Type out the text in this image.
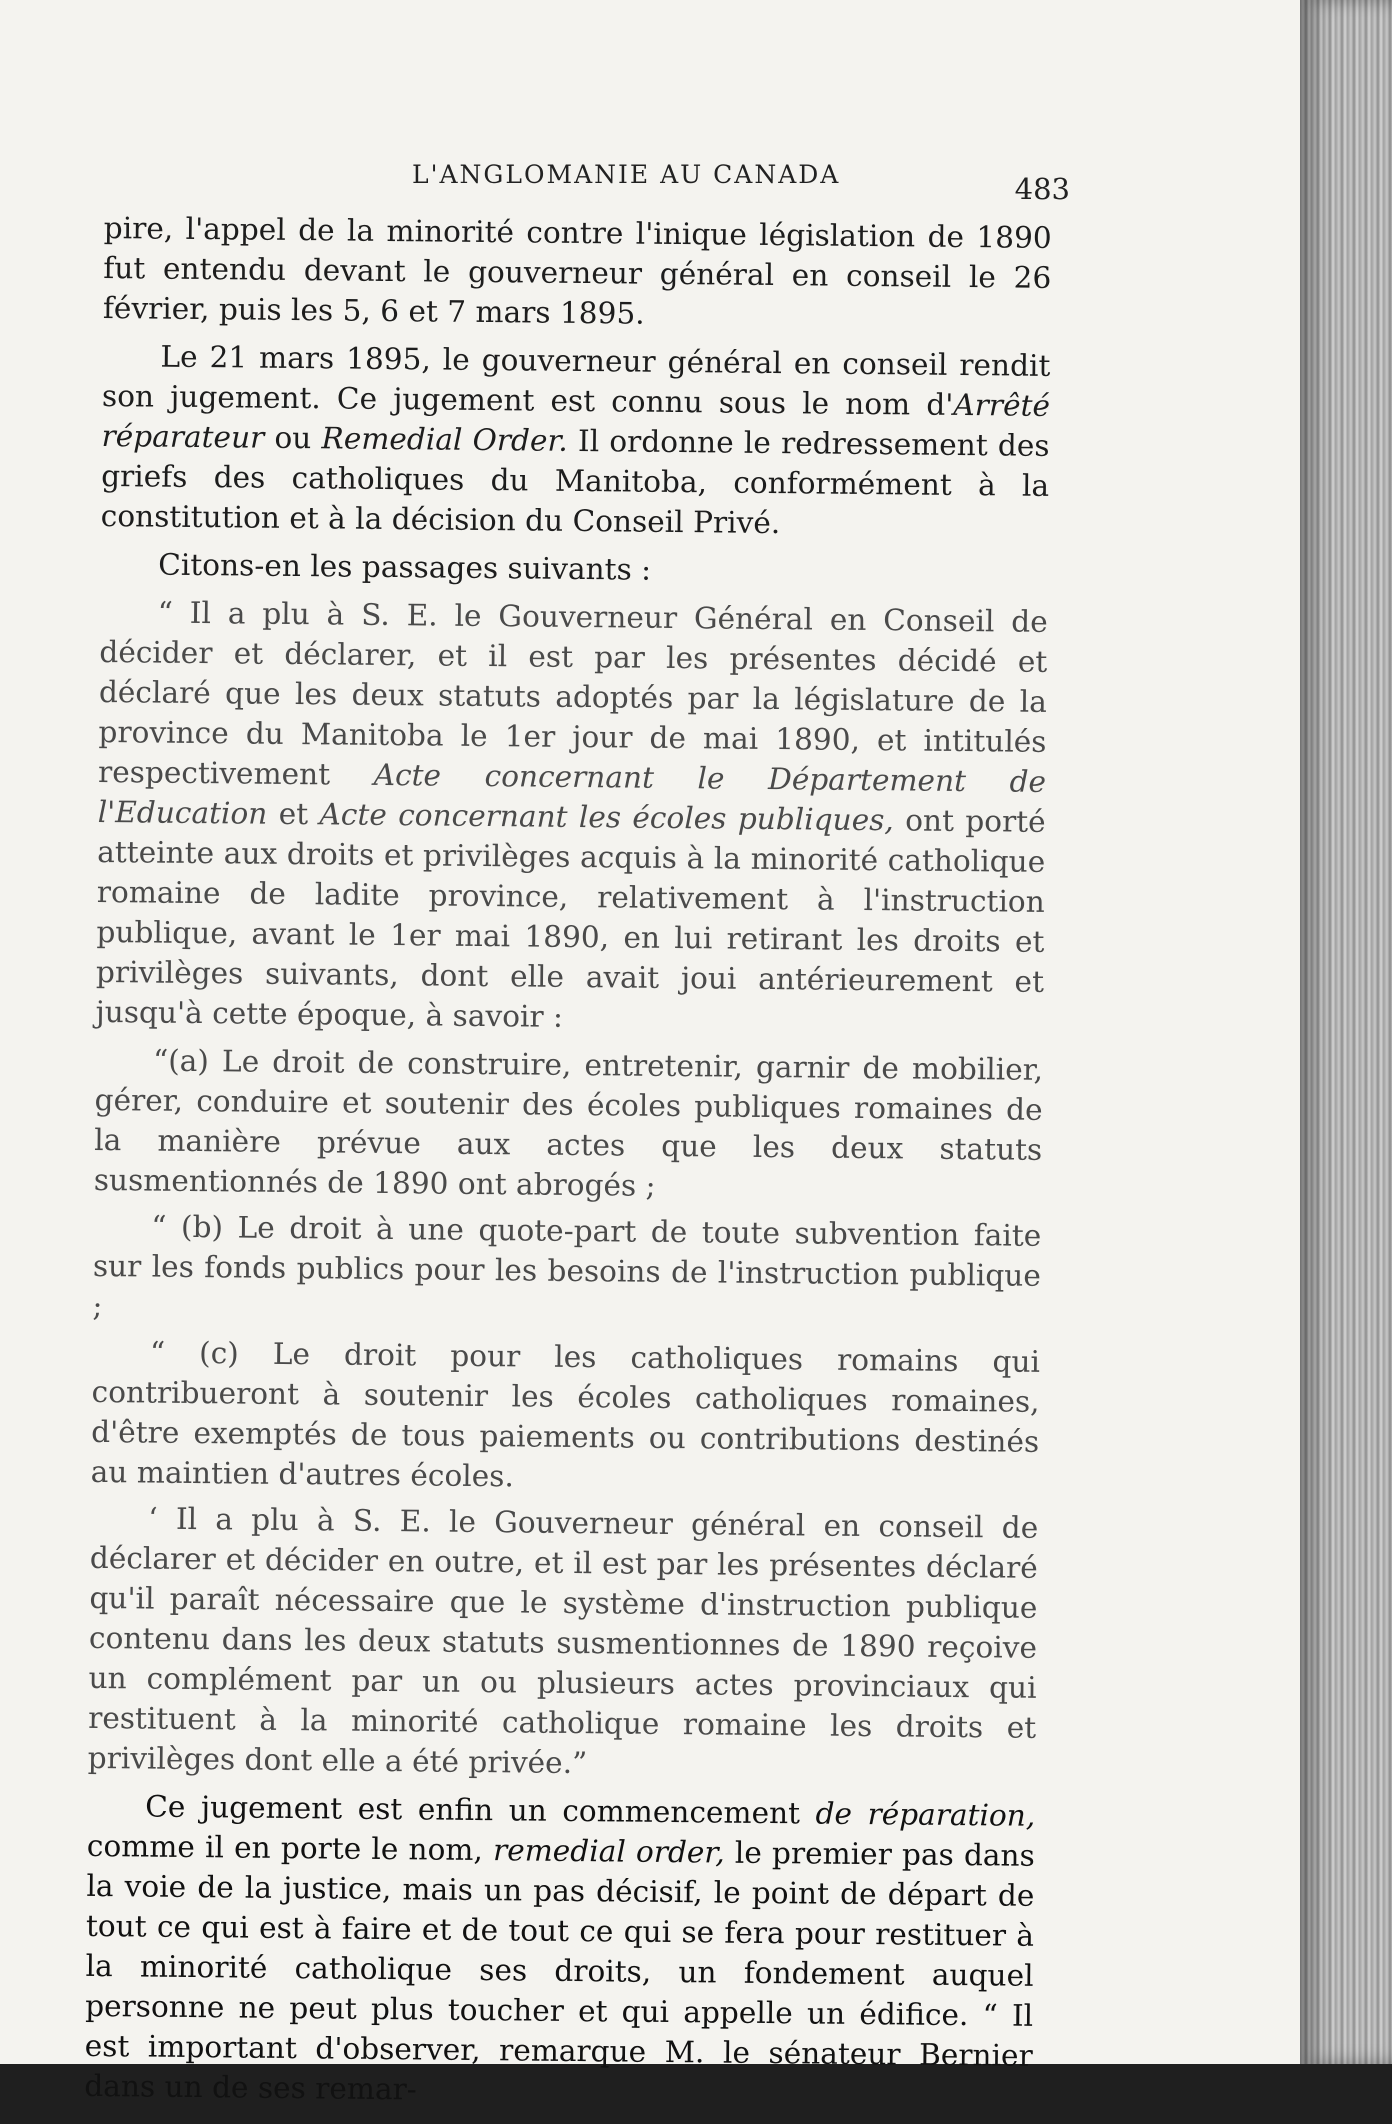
L'ANGLOMANIE AU CANADA	483

pire, l'appel de la minorité contre l'inique législation de 1890 fut entendu devant le gouverneur général en conseil le 26 février, puis les 5, 6 et 7 mars 1895.

Le 21 mars 1895, le gouverneur général en conseil rendit son jugement. Ce jugement est connu sous le nom d'Arrêté réparateur ou Remedial Order. Il ordonne le redressement des griefs des catholiques du Manitoba, conformément à la constitution et à la décision du Conseil Privé.

Citons-en les passages suivants :

“ Il a plu à S. E. le Gouverneur Général en Conseil de décider et déclarer, et il est par les présentes décidé et déclaré que les deux statuts adoptés par la législature de la province du Manitoba le 1er jour de mai 1890, et intitulés respectivement Acte concernant le Département de l'Education et Acte concernant les écoles publiques, ont porté atteinte aux droits et privilèges acquis à la minorité catholique romaine de ladite province, relativement à l'instruction publique, avant le 1er mai 1890, en lui retirant les droits et privilèges suivants, dont elle avait joui antérieurement et jusqu'à cette époque, à savoir :

“(a) Le droit de construire, entretenir, garnir de mobilier, gérer, conduire et soutenir des écoles publiques romaines de la manière prévue aux actes que les deux statuts susmentionnés de 1890 ont abrogés ;

“ (b) Le droit à une quote-part de toute subvention faite sur les fonds publics pour les besoins de l'instruction publique ;

“ (c) Le droit pour les catholiques romains qui contribueront à soutenir les écoles catholiques romaines, d'être exemptés de tous paiements ou contributions destinés au maintien d'autres écoles.

‘ Il a plu à S. E. le Gouverneur général en conseil de déclarer et décider en outre, et il est par les présentes déclaré qu'il paraît nécessaire que le système d'instruction publique contenu dans les deux statuts susmentionnes de 1890 reçoive un complément par un ou plusieurs actes provinciaux qui restituent à la minorité catholique romaine les droits et privilèges dont elle a été privée.”

Ce jugement est enfin un commencement de réparation, comme il en porte le nom, remedial order, le premier pas dans la voie de la justice, mais un pas décisif, le point de départ de tout ce qui est à faire et de tout ce qui se fera pour restituer à la minorité catholique ses droits, un fondement auquel personne ne peut plus toucher et qui appelle un édifice. “ Il est important d'observer, remarque M. le sénateur Bernier dans un de ses remar-
